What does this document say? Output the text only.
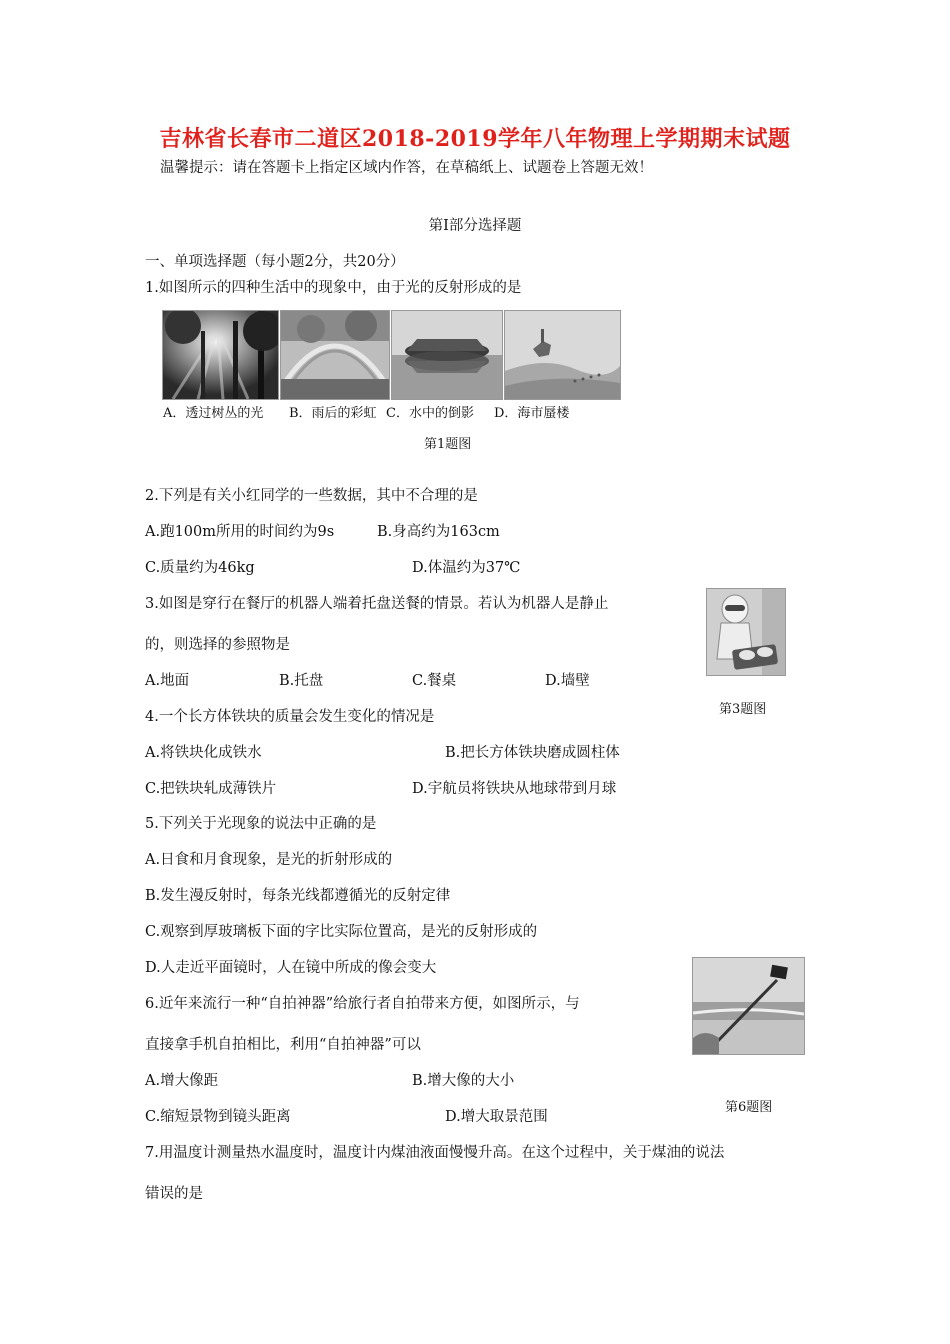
吉林省长春市二道区2018-2019学年八年物理上学期期末试题
温馨提示：请在答题卡上指定区域内作答，在草稿纸上、试题卷上答题无效！
第Ⅰ部分选择题
一、单项选择题（每小题2分，共20分）
1.如图所示的四种生活中的现象中，由于光的反射形成的是
A．透过树丛的光 B．雨后的彩虹 C．水中的倒影 D．海市蜃楼
第1题图
2.下列是有关小红同学的一些数据，其中不合理的是
A.跑100m所用的时间约为9s	B.身高约为163cm
C.质量约为46kg	D.体温约为37℃
3.如图是穿行在餐厅的机器人端着托盘送餐的情景。若认为机器人是静止
的，则选择的参照物是
A.地面	B.托盘	C.餐桌	D.墙壁
第3题图
4.一个长方体铁块的质量会发生变化的情况是
A.将铁块化成铁水	B.把长方体铁块磨成圆柱体
C.把铁块轧成薄铁片	D.宇航员将铁块从地球带到月球
5.下列关于光现象的说法中正确的是
A.日食和月食现象，是光的折射形成的
B.发生漫反射时，每条光线都遵循光的反射定律
C.观察到厚玻璃板下面的字比实际位置高，是光的反射形成的
D.人走近平面镜时，人在镜中所成的像会变大
6.近年来流行一种“自拍神器”给旅行者自拍带来方便，如图所示，与
直接拿手机自拍相比，利用“自拍神器”可以
A.增大像距	B.增大像的大小
C.缩短景物到镜头距离	D.增大取景范围
第6题图
7.用温度计测量热水温度时，温度计内煤油液面慢慢升高。在这个过程中，关于煤油的说法
错误的是
